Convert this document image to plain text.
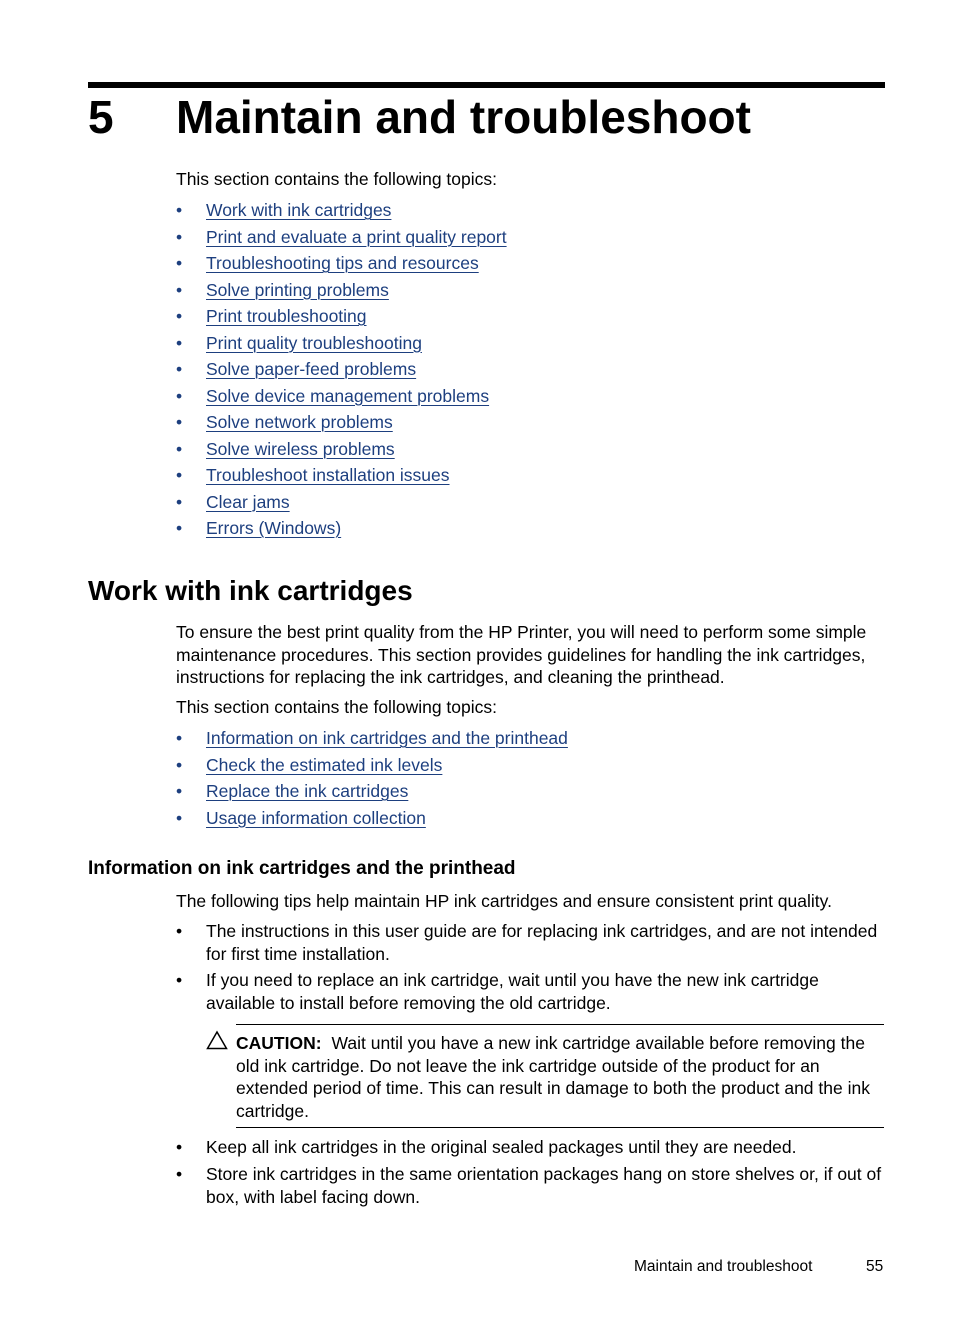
5 Maintain and troubleshoot

This section contains the following topics:

• Work with ink cartridges
• Print and evaluate a print quality report
• Troubleshooting tips and resources
• Solve printing problems
• Print troubleshooting
• Print quality troubleshooting
• Solve paper-feed problems
• Solve device management problems
• Solve network problems
• Solve wireless problems
• Troubleshoot installation issues
• Clear jams
• Errors (Windows)
Work with ink cartridges

To ensure the best print quality from the HP Printer, you will need to perform some simple maintenance procedures. This section provides guidelines for handling the ink cartridges, instructions for replacing the ink cartridges, and cleaning the printhead.

This section contains the following topics:

• Information on ink cartridges and the printhead
• Check the estimated ink levels
• Replace the ink cartridges
• Usage information collection
Information on ink cartridges and the printhead

The following tips help maintain HP ink cartridges and ensure consistent print quality.

• The instructions in this user guide are for replacing ink cartridges, and are not intended for first time installation.
• If you need to replace an ink cartridge, wait until you have the new ink cartridge available to install before removing the old cartridge.

CAUTION: Wait until you have a new ink cartridge available before removing the old ink cartridge. Do not leave the ink cartridge outside of the product for an extended period of time. This can result in damage to both the product and the ink cartridge.

• Keep all ink cartridges in the original sealed packages until they are needed.
• Store ink cartridges in the same orientation packages hang on store shelves or, if out of box, with label facing down.
Maintain and troubleshoot	55
